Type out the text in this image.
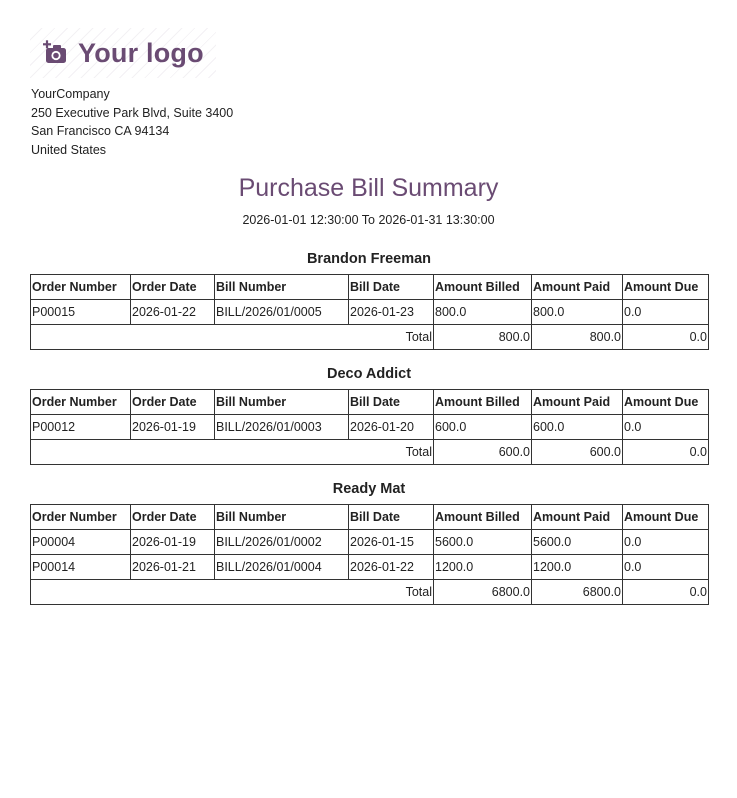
Your logo
YourCompany
250 Executive Park Blvd, Suite 3400
San Francisco CA 94134
United States
Purchase Bill Summary
2026-01-01 12:30:00 To 2026-01-31 13:30:00
Brandon Freeman
Order Number	Order Date	Bill Number	Bill Date	Amount Billed	Amount Paid	Amount Due
P00015	2026-01-22	BILL/2026/01/0005	2026-01-23	800.0	800.0	0.0
Total				800.0	800.0	0.0
Deco Addict
Order Number	Order Date	Bill Number	Bill Date	Amount Billed	Amount Paid	Amount Due
P00012	2026-01-19	BILL/2026/01/0003	2026-01-20	600.0	600.0	0.0
Total				600.0	600.0	0.0
Ready Mat
Order Number	Order Date	Bill Number	Bill Date	Amount Billed	Amount Paid	Amount Due
P00004	2026-01-19	BILL/2026/01/0002	2026-01-15	5600.0	5600.0	0.0
P00014	2026-01-21	BILL/2026/01/0004	2026-01-22	1200.0	1200.0	0.0
Total				6800.0	6800.0	0.0
